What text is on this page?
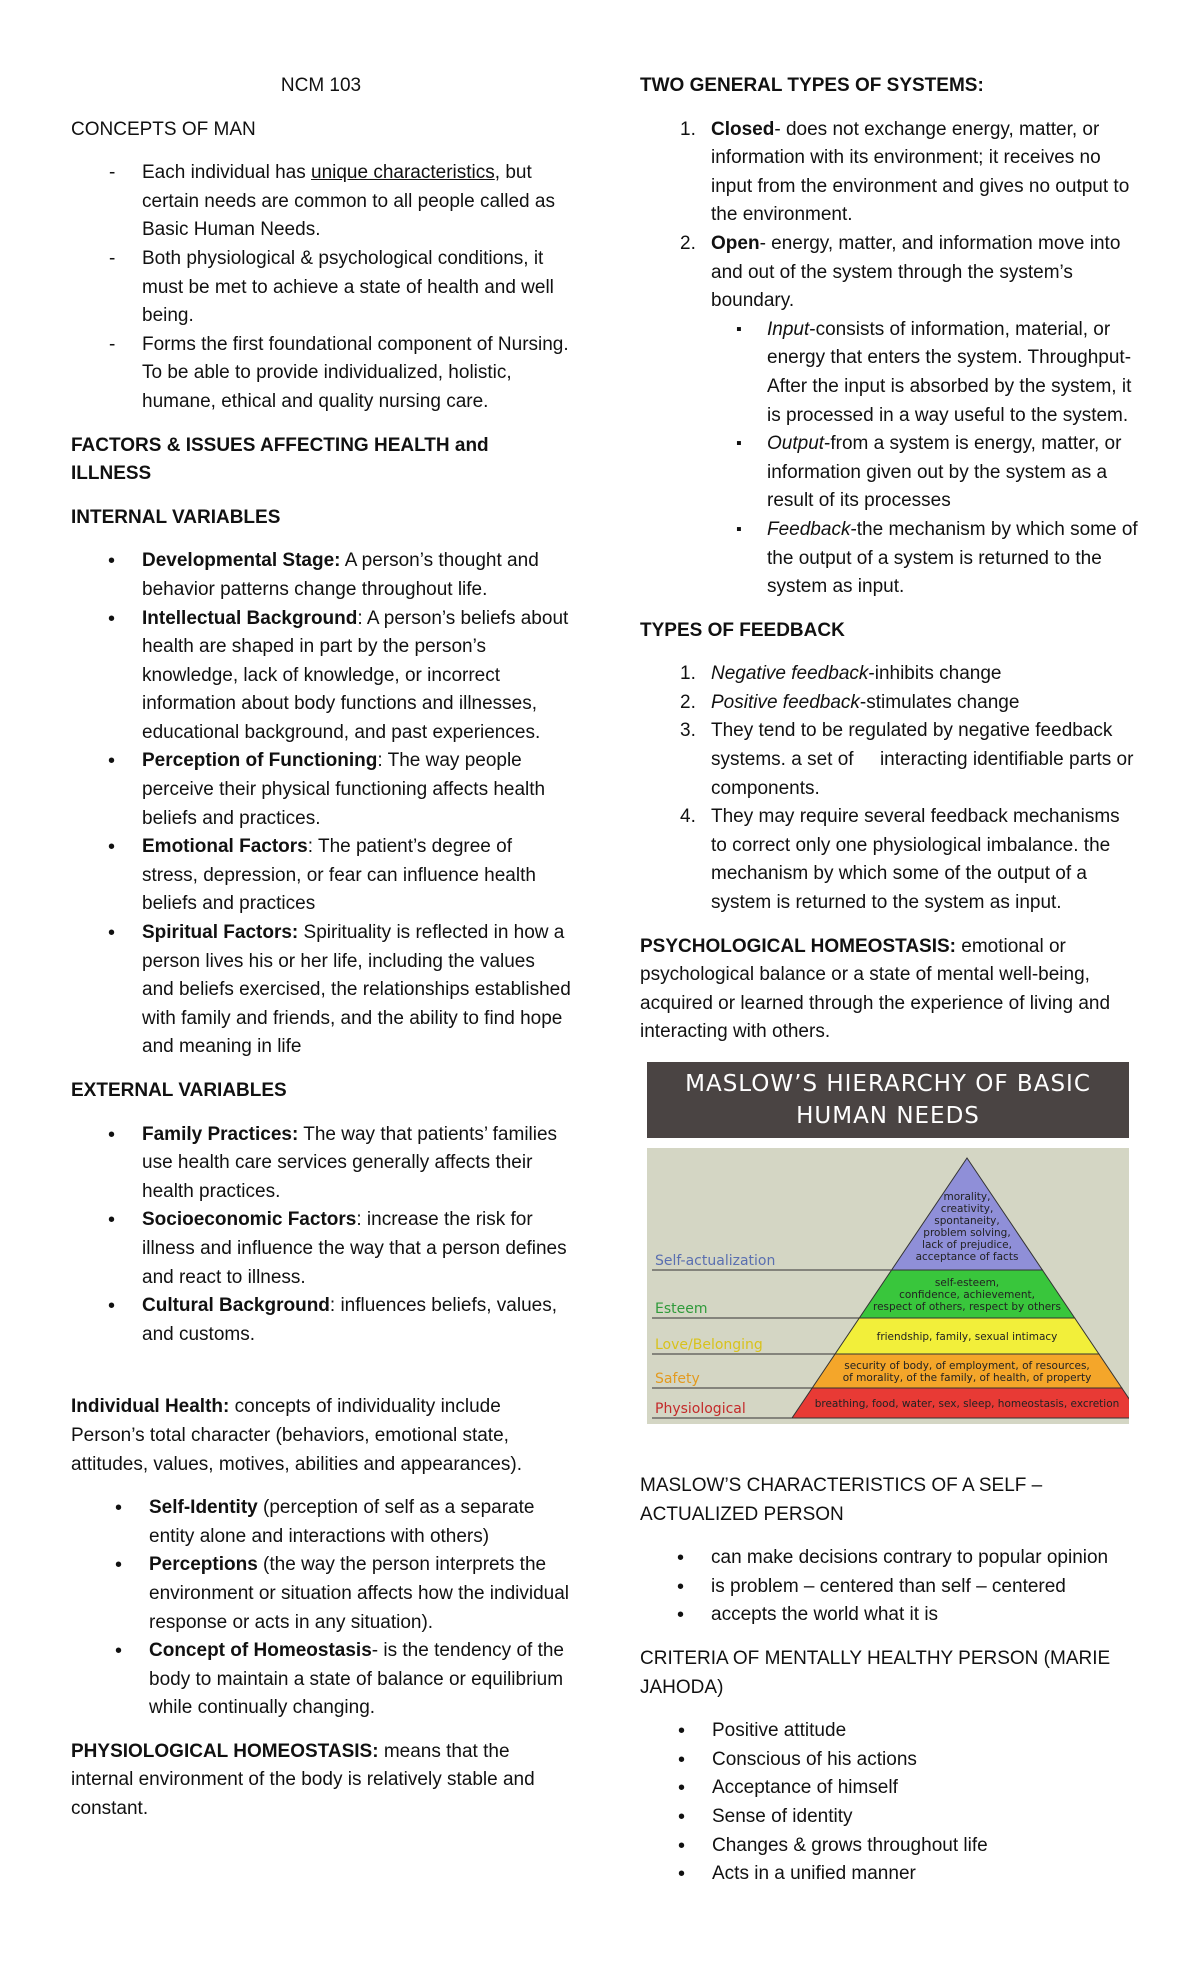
NCM 103

CONCEPTS OF MAN

- Each individual has unique characteristics, but certain needs are common to all people called as Basic Human Needs.
- Both physiological & psychological conditions, it must be met to achieve a state of health and well being.
- Forms the first foundational component of Nursing. To be able to provide individualized, holistic, humane, ethical and quality nursing care.

FACTORS & ISSUES AFFECTING HEALTH and ILLNESS

INTERNAL VARIABLES

• Developmental Stage: A person’s thought and behavior patterns change throughout life.
• Intellectual Background: A person’s beliefs about health are shaped in part by the person’s knowledge, lack of knowledge, or incorrect information about body functions and illnesses, educational background, and past experiences.
• Perception of Functioning: The way people perceive their physical functioning affects health beliefs and practices.
• Emotional Factors: The patient’s degree of stress, depression, or fear can influence health beliefs and practices
• Spiritual Factors: Spirituality is reflected in how a person lives his or her life, including the values and beliefs exercised, the relationships established with family and friends, and the ability to find hope and meaning in life

EXTERNAL VARIABLES

• Family Practices: The way that patients’ families use health care services generally affects their health practices.
• Socioeconomic Factors: increase the risk for illness and influence the way that a person defines and react to illness.
• Cultural Background: influences beliefs, values, and customs.

Individual Health: concepts of individuality include Person’s total character (behaviors, emotional state, attitudes, values, motives, abilities and appearances).

• Self-Identity (perception of self as a separate entity alone and interactions with others)
• Perceptions (the way the person interprets the environment or situation affects how the individual response or acts in any situation).
• Concept of Homeostasis- is the tendency of the body to maintain a state of balance or equilibrium while continually changing.

PHYSIOLOGICAL HOMEOSTASIS: means that the internal environment of the body is relatively stable and constant.

TWO GENERAL TYPES OF SYSTEMS:

1. Closed- does not exchange energy, matter, or information with its environment; it receives no input from the environment and gives no output to the environment.
2. Open- energy, matter, and information move into and out of the system through the system’s boundary.
▪ Input-consists of information, material, or energy that enters the system. Throughput- After the input is absorbed by the system, it is processed in a way useful to the system.
▪ Output-from a system is energy, matter, or information given out by the system as a result of its processes
▪ Feedback-the mechanism by which some of the output of a system is returned to the system as input.

TYPES OF FEEDBACK

1. Negative feedback-inhibits change
2. Positive feedback-stimulates change
3. They tend to be regulated by negative feedback systems. a set of     interacting identifiable parts or components.
4. They may require several feedback mechanisms to correct only one physiological imbalance. the mechanism by which some of the output of a system is returned to the system as input.

PSYCHOLOGICAL HOMEOSTASIS: emotional or psychological balance or a state of mental well-being, acquired or learned through the experience of living and interacting with others.

MASLOW’S HIERARCHY OF BASIC
HUMAN NEEDS
Self-actualization
morality,
creativity,
spontaneity,
problem solving,
lack of prejudice,
acceptance of facts
Esteem
self-esteem,
confidence, achievement,
respect of others, respect by others
Love/Belonging	friendship, family, sexual intimacy
Safety
security of body, of employment, of resources,
of morality, of the family, of health, of property
Physiological	breathing, food, water, sex, sleep, homeostasis, excretion

MASLOW’S CHARACTERISTICS OF A SELF – ACTUALIZED PERSON

• can make decisions contrary to popular opinion
• is problem – centered than self – centered
• accepts the world what it is

CRITERIA OF MENTALLY HEALTHY PERSON (MARIE JAHODA)

• Positive attitude
• Conscious of his actions
• Acceptance of himself
• Sense of identity
• Changes & grows throughout life
• Acts in a unified manner
